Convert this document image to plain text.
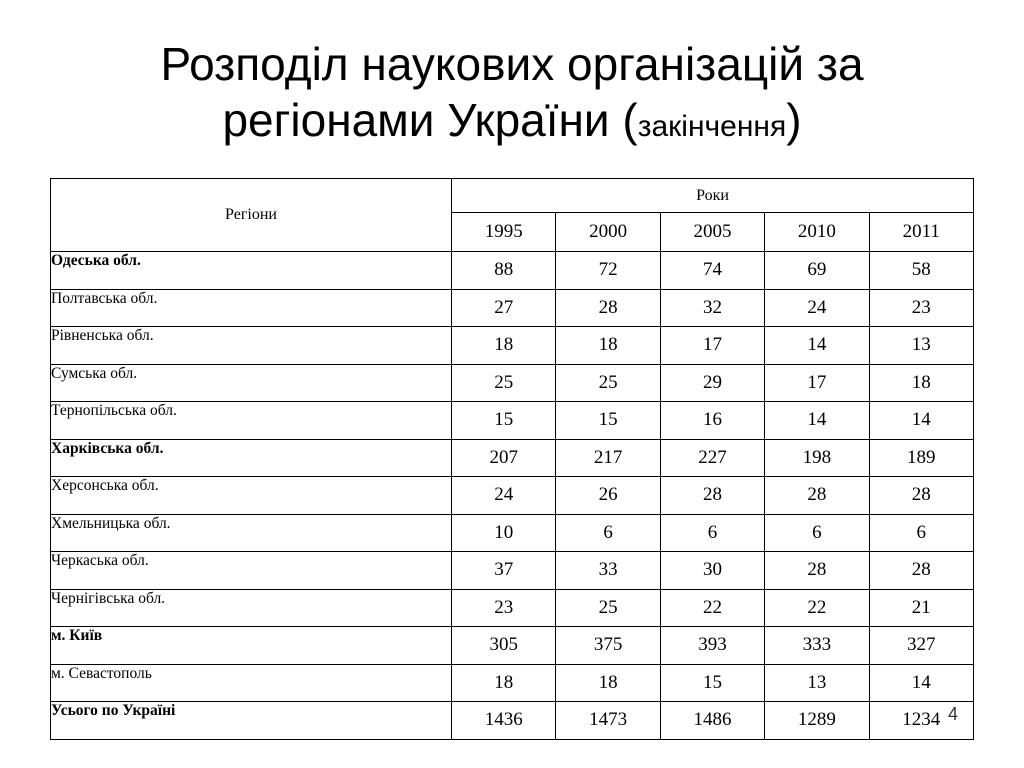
Розподіл наукових організацій за
регіонами України (закінчення)
Регіони	Роки				
	1995	2000	2005	2010	2011
Одеська обл.	88	72	74	69	58
Полтавська обл.	27	28	32	24	23
Рівненська обл.	18	18	17	14	13
Сумська обл.	25	25	29	17	18
Тернопільська обл.	15	15	16	14	14
Харківська обл.	207	217	227	198	189
Херсонська обл.	24	26	28	28	28
Хмельницька обл.	10	6	6	6	6
Черкаська обл.	37	33	30	28	28
Чернігівська обл.	23	25	22	22	21
м. Київ	305	375	393	333	327
м. Севастополь	18	18	15	13	14
Усього по Україні	1436	1473	1486	1289	1234 4
